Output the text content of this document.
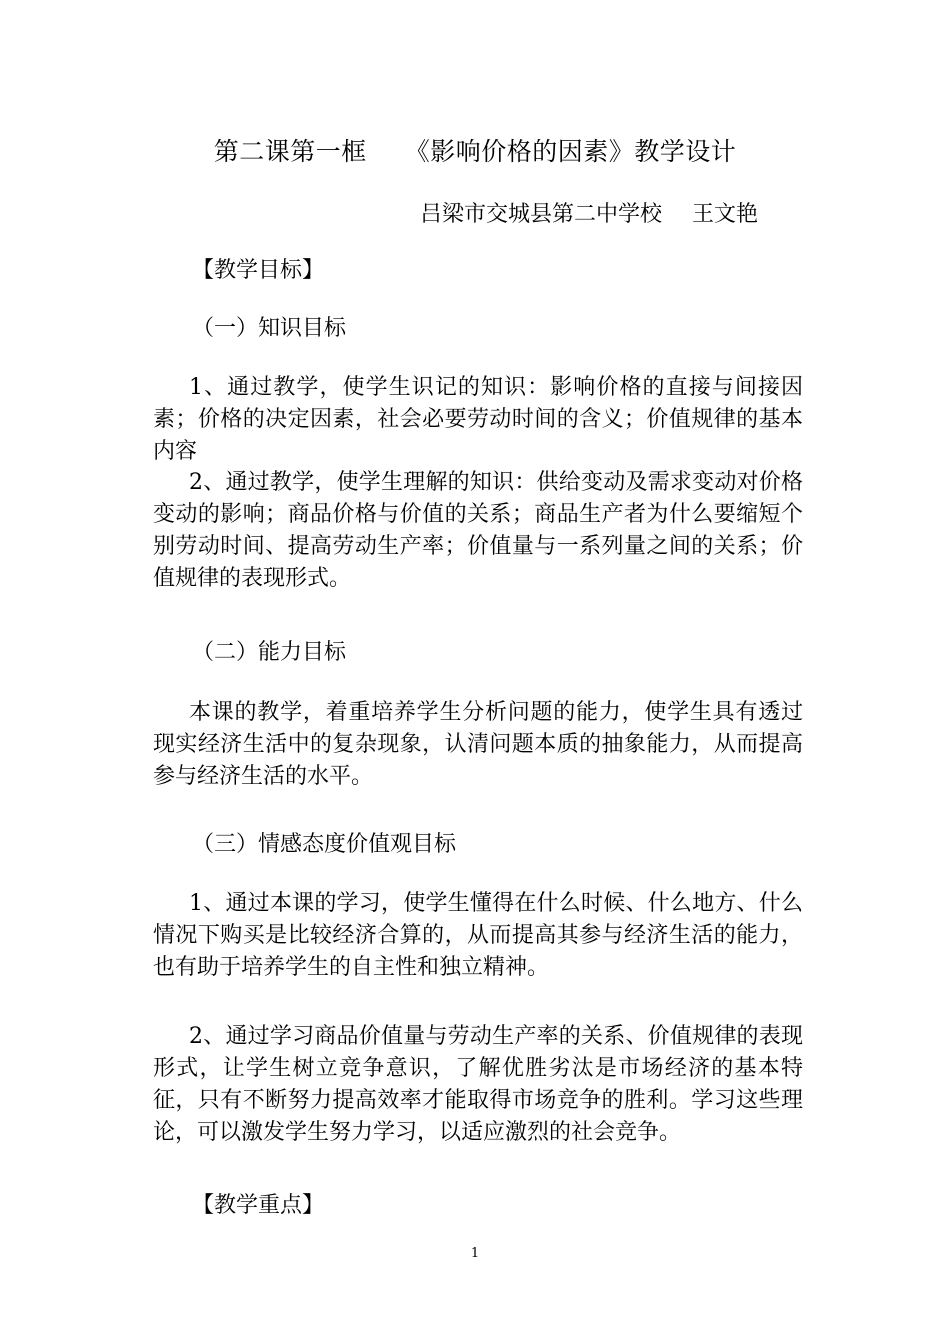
第二课第一框 《影响价格的因素》教学设计
吕梁市交城县第二中学校 王文艳
【教学目标】
（一）知识目标
1、通过教学，使学生识记的知识：影响价格的直接与间接因素；价格的决定因素，社会必要劳动时间的含义；价值规律的基本内容
2、通过教学，使学生理解的知识：供给变动及需求变动对价格变动的影响；商品价格与价值的关系；商品生产者为什么要缩短个别劳动时间、提高劳动生产率；价值量与一系列量之间的关系；价值规律的表现形式。
（二）能力目标
本课的教学，着重培养学生分析问题的能力，使学生具有透过现实经济生活中的复杂现象，认清问题本质的抽象能力，从而提高参与经济生活的水平。
（三）情感态度价值观目标
1、通过本课的学习，使学生懂得在什么时候、什么地方、什么情况下购买是比较经济合算的，从而提高其参与经济生活的能力，也有助于培养学生的自主性和独立精神。
2、通过学习商品价值量与劳动生产率的关系、价值规律的表现形式，让学生树立竞争意识，了解优胜劣汰是市场经济的基本特征，只有不断努力提高效率才能取得市场竞争的胜利。学习这些理论，可以激发学生努力学习，以适应激烈的社会竞争。
【教学重点】
1
